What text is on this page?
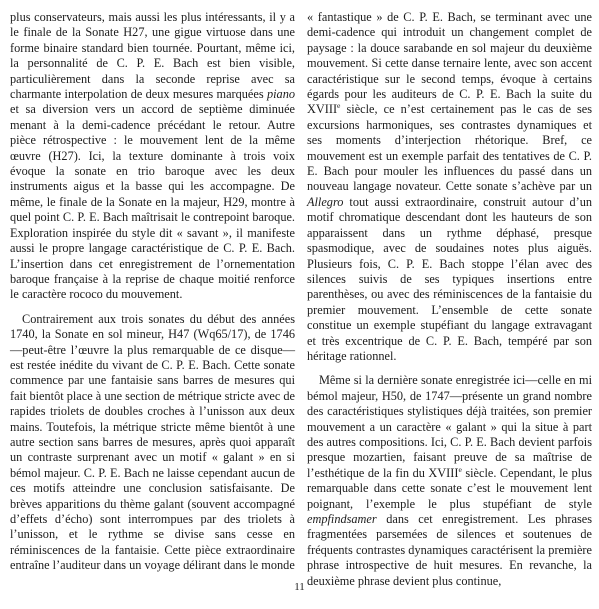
plus conservateurs, mais aussi les plus intéressants, il y a le finale de la Sonate H27, une gigue virtuose dans une forme binaire standard bien tournée. Pourtant, même ici, la personnalité de C. P. E. Bach est bien visible, particulièrement dans la seconde reprise avec sa charmante interpolation de deux mesures marquées piano et sa diversion vers un accord de septième diminuée menant à la demi-cadence précédant le retour. Autre pièce rétrospective : le mouvement lent de la même œuvre (H27). Ici, la texture dominante à trois voix évoque la sonate en trio baroque avec les deux instruments aigus et la basse qui les accompagne. De même, le finale de la Sonate en la majeur, H29, montre à quel point C. P. E. Bach maîtrisait le contrepoint baroque. Exploration inspirée du style dit « savant », il manifeste aussi le propre langage caractéristique de C. P. E. Bach. L’insertion dans cet enregistrement de l’ornementation baroque française à la reprise de chaque moitié renforce le caractère rococo du mouvement.

Contrairement aux trois sonates du début des années 1740, la Sonate en sol mineur, H47 (Wq65/17), de 1746—peut-être l’œuvre la plus remarquable de ce disque—est restée inédite du vivant de C. P. E. Bach. Cette sonate commence par une fantaisie sans barres de mesures qui fait bientôt place à une section de métrique stricte avec de rapides triolets de doubles croches à l’unisson aux deux mains. Toutefois, la métrique stricte même bientôt à une autre section sans barres de mesures, après quoi apparaît un contraste surprenant avec un motif « galant » en si bémol majeur. C. P. E. Bach ne laisse cependant aucun de ces motifs atteindre une conclusion satisfaisante. De brèves apparitions du thème galant (souvent accompagné d’effets d’écho) sont interrompues par des triolets à l’unisson, et le rythme se divise sans cesse en réminiscences de la fantaisie. Cette pièce extraordinaire entraîne l’auditeur dans un voyage délirant dans le monde

« fantastique » de C. P. E. Bach, se terminant avec une demi-cadence qui introduit un changement complet de paysage : la douce sarabande en sol majeur du deuxième mouvement. Si cette danse ternaire lente, avec son accent caractéristique sur le second temps, évoque à certains égards pour les auditeurs de C. P. E. Bach la suite du XVIIIe siècle, ce n’est certainement pas le cas de ses excursions harmoniques, ses contrastes dynamiques et ses moments d’interjection rhétorique. Bref, ce mouvement est un exemple parfait des tentatives de C. P. E. Bach pour mouler les influences du passé dans un nouveau langage novateur. Cette sonate s’achève par un Allegro tout aussi extraordinaire, construit autour d’un motif chromatique descendant dont les hauteurs de son apparaissent dans un rythme déphasé, presque spasmodique, avec de soudaines notes plus aiguës. Plusieurs fois, C. P. E. Bach stoppe l’élan avec des silences suivis de ses typiques insertions entre parenthèses, ou avec des réminiscences de la fantaisie du premier mouvement. L’ensemble de cette sonate constitue un exemple stupéfiant du langage extravagant et très excentrique de C. P. E. Bach, tempéré par son héritage rationnel.

Même si la dernière sonate enregistrée ici—celle en mi bémol majeur, H50, de 1747—présente un grand nombre des caractéristiques stylistiques déjà traitées, son premier mouvement a un caractère « galant » qui la situe à part des autres compositions. Ici, C. P. E. Bach devient parfois presque mozartien, faisant preuve de sa maîtrise de l’esthétique de la fin du XVIIIe siècle. Cependant, le plus remarquable dans cette sonate c’est le mouvement lent poignant, l’exemple le plus stupéfiant de style empfindsamer dans cet enregistrement. Les phrases fragmentées parsemées de silences et soutenues de fréquents contrastes dynamiques caractérisent la première phrase introspective de huit mesures. En revanche, la deuxième phrase devient plus continue,

11
